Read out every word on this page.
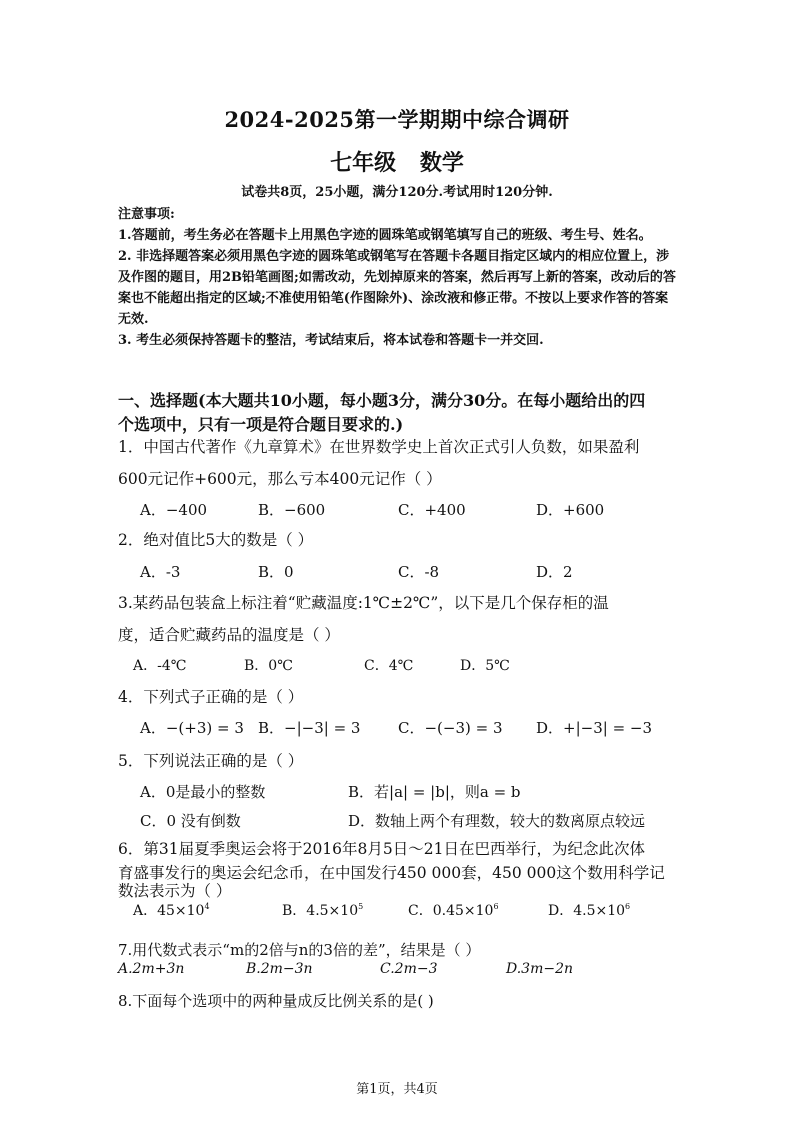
2024-2025第一学期期中综合调研
七年级 数学
试卷共8页，25小题，满分120分.考试用时120分钟.

注意事项:

1.答题前，考生务必在答题卡上用黑色字迹的圆珠笔或钢笔填写自己的班级、考生号、姓名。

2. 非选择题答案必须用黑色字迹的圆珠笔或钢笔写在答题卡各题目指定区域内的相应位置上，涉及作图的题目，用2B铅笔画图;如需改动，先划掉原来的答案，然后再写上新的答案，改动后的答案也不能超出指定的区域;不准使用铅笔(作图除外)、涂改液和修正带。不按以上要求作答的答案无效.

3. 考生必须保持答题卡的整洁，考试结束后，将本试卷和答题卡一并交回.

一、选择题(本大题共10小题，每小题3分，满分30分。在每小题给出的四
个选项中，只有一项是符合题目要求的.)
1．中国古代著作《九章算术》在世界数学史上首次正式引人负数，如果盈利
600元记作+600元，那么亏本400元记作（ ）
A．−400	B．−600	C．+400	D．+600
2．绝对值比5大的数是（ ）
A．-3	B．0	C．-8	D．2
3.某药品包装盒上标注着“贮藏温度:1℃±2℃”，以下是几个保存柜的温
度，适合贮藏药品的温度是（ ）
A．-4℃	B．0℃	C．4℃	D．5℃
4．下列式子正确的是（ ）
A．−(+3) = 3 B．−|−3| = 3	C．−(−3) = 3 D．+|−3| = −3
5．下列说法正确的是（ ）
A．0是最小的整数	B．若|a| = |b|，则a = b
C．0 没有倒数	D．数轴上两个有理数，较大的数离原点较远
6．第31届夏季奥运会将于2016年8月5日～21日在巴西举行，为纪念此次体
育盛事发行的奥运会纪念币，在中国发行450 000套，450 000这个数用科学记
数法表示为（ ）
A．$45\times 10^4$	B．$4.5\times 10^5$	C．$0.45\times 10^6$	D．$4.5\times 10^6$
7.用代数式表示“m的2倍与n的3倍的差”，结果是（ ）
A.2m+3n	B.2m−3n	C.2m−3	D.3m−2n
8.下面每个选项中的两种量成反比例关系的是( )
第1页，共4页
